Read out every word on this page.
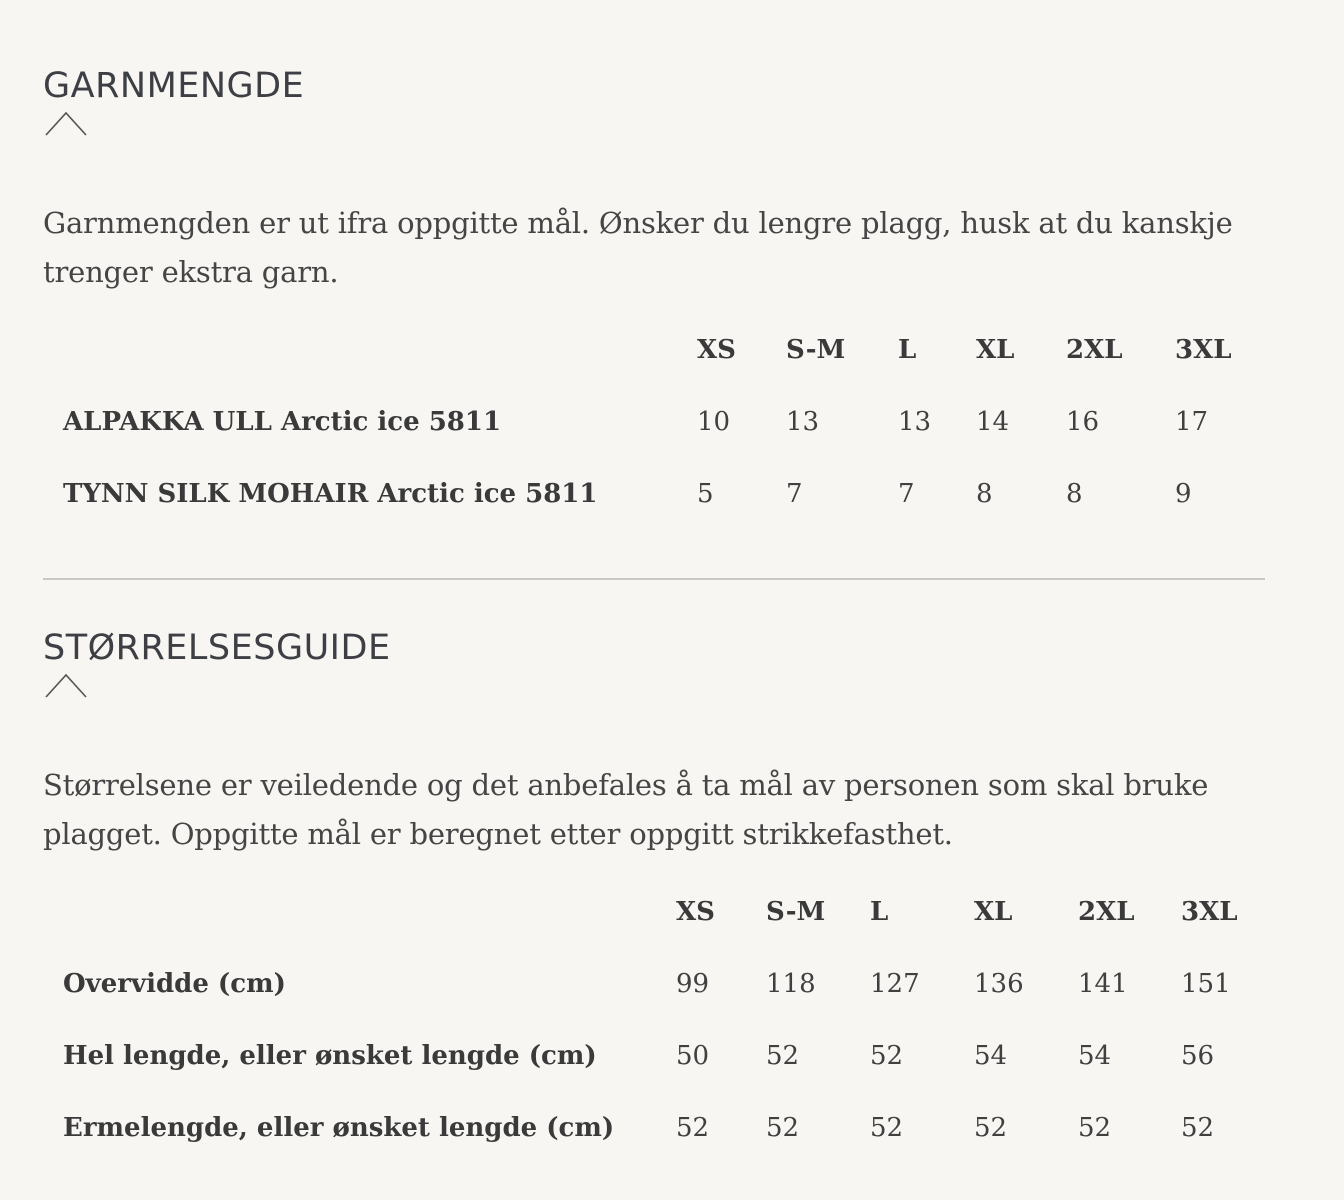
GARNMENGDE

Garnmengden er ut ifra oppgitte mål. Ønsker du lengre plagg, husk at du kanskje trenger ekstra garn.

	XS	S-M	L	XL	2XL	3XL
ALPAKKA ULL Arctic ice 5811	10	13	13	14	16	17
TYNN SILK MOHAIR Arctic ice 5811	5	7	7	8	8	9
STØRRELSESGUIDE

Størrelsene er veiledende og det anbefales å ta mål av personen som skal bruke plagget. Oppgitte mål er beregnet etter oppgitt strikkefasthet.

	XS	S-M	L	XL	2XL	3XL
Overvidde (cm)	99	118	127	136	141	151
Hel lengde, eller ønsket lengde (cm)	50	52	52	54	54	56
Ermelengde, eller ønsket lengde (cm)	52	52	52	52	52	52
